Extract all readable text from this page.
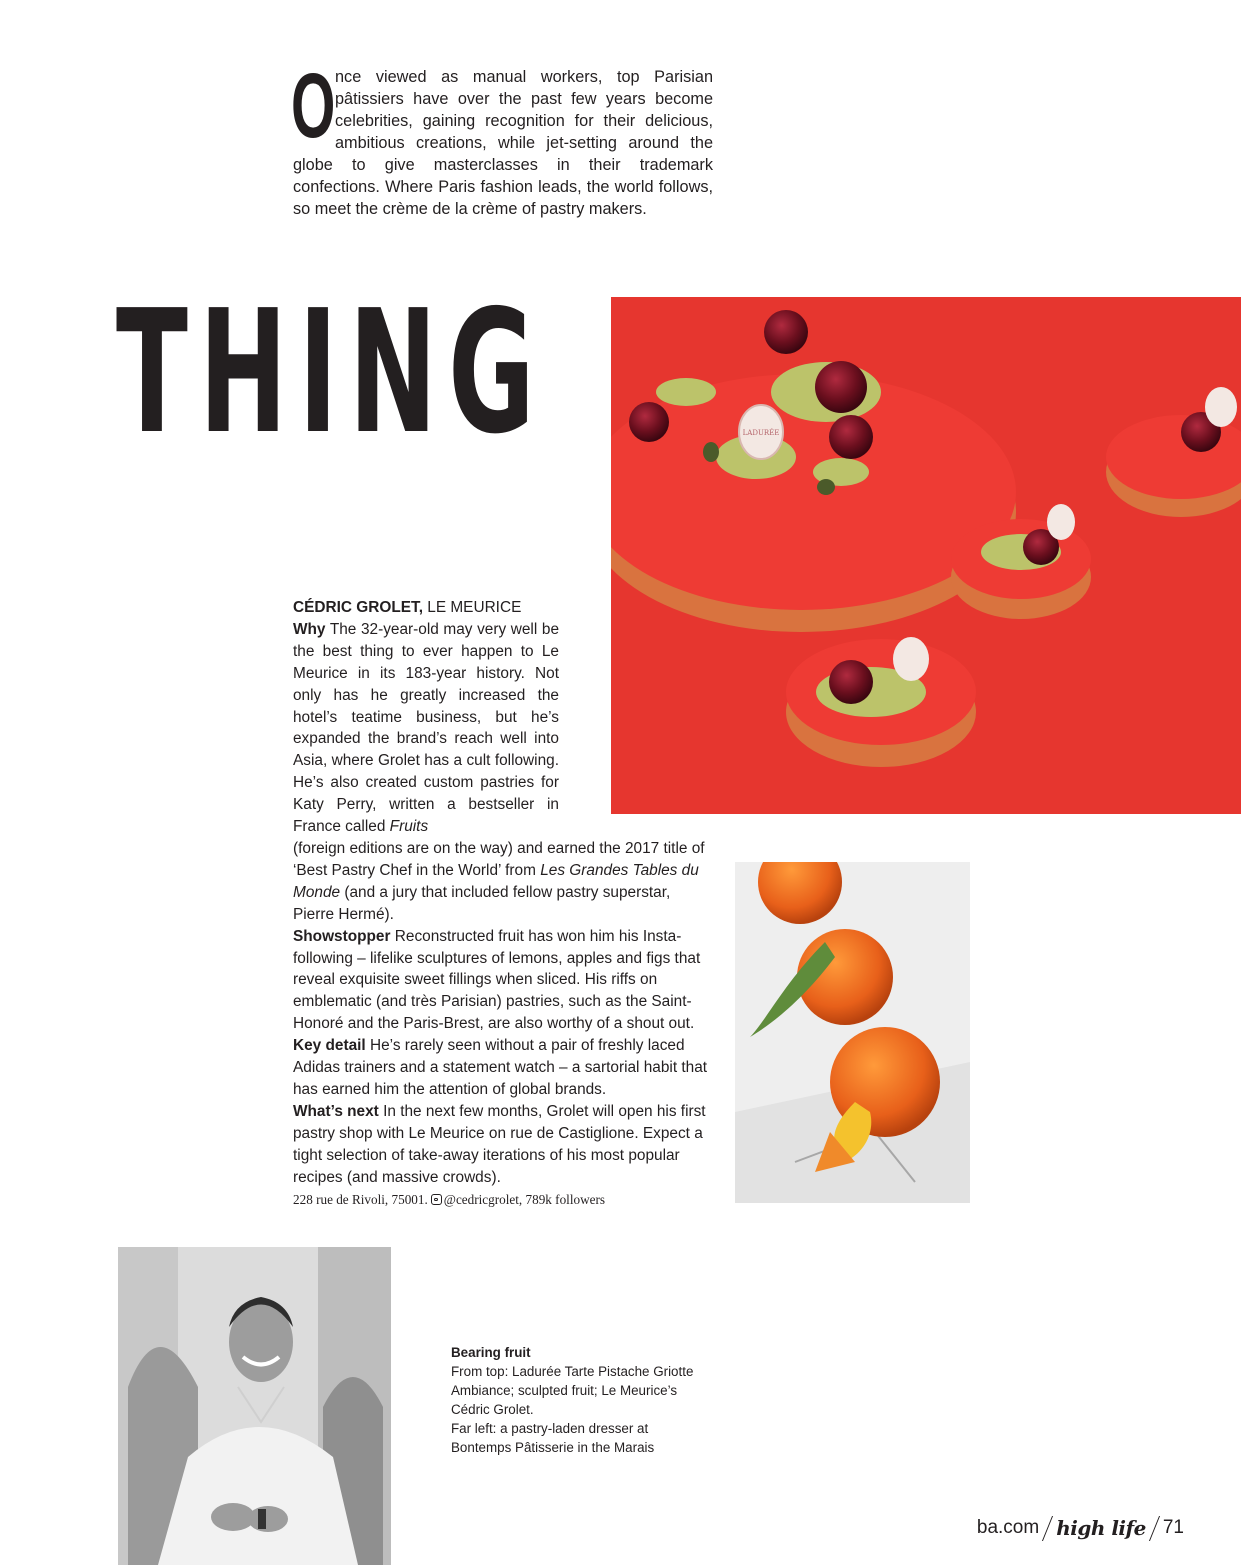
Once viewed as manual workers, top Parisian pâtissiers have over the past few years become celebrities, gaining recognition for their delicious, ambitious creations, while jet-setting around the globe to give masterclasses in their trademark confections. Where Paris fashion leads, the world follows, so meet the crème de la crème of pastry makers.
THING	LADURÉE

CÉDRIC GROLET, LE MEURICE

Why The 32-year-old may very well be the best thing to ever happen to Le Meurice in its 183-year history. Not only has he greatly increased the hotel’s teatime business, but he’s expanded the brand’s reach well into Asia, where Grolet has a cult following. He’s also created custom pastries for Katy Perry, written a bestseller in France called Fruits

(foreign editions are on the way) and earned the 2017 title of ‘Best Pastry Chef in the World’ from Les Grandes Tables du Monde (and a jury that included fellow pastry superstar, Pierre Hermé).

Showstopper Reconstructed fruit has won him his Insta-following – lifelike sculptures of lemons, apples and figs that reveal exquisite sweet fillings when sliced. His riffs on emblematic (and très Parisian) pastries, such as the Saint-Honoré and the Paris-Brest, are also worthy of a shout out.

Key detail He’s rarely seen without a pair of freshly laced Adidas trainers and a statement watch – a sartorial habit that has earned him the attention of global brands.

What’s next In the next few months, Grolet will open his first pastry shop with Le Meurice on rue de Castiglione. Expect a tight selection of take-away iterations of his most popular recipes (and massive crowds).

228 rue de Rivoli, 75001. @cedricgrolet, 789k followers

Bearing fruit
From top: Ladurée Tarte Pistache Griotte Ambiance; sculpted fruit; Le Meurice’s Cédric Grolet.
Far left: a pastry-laden dresser at Bontemps Pâtisserie in the Marais
ba.com high life 71
